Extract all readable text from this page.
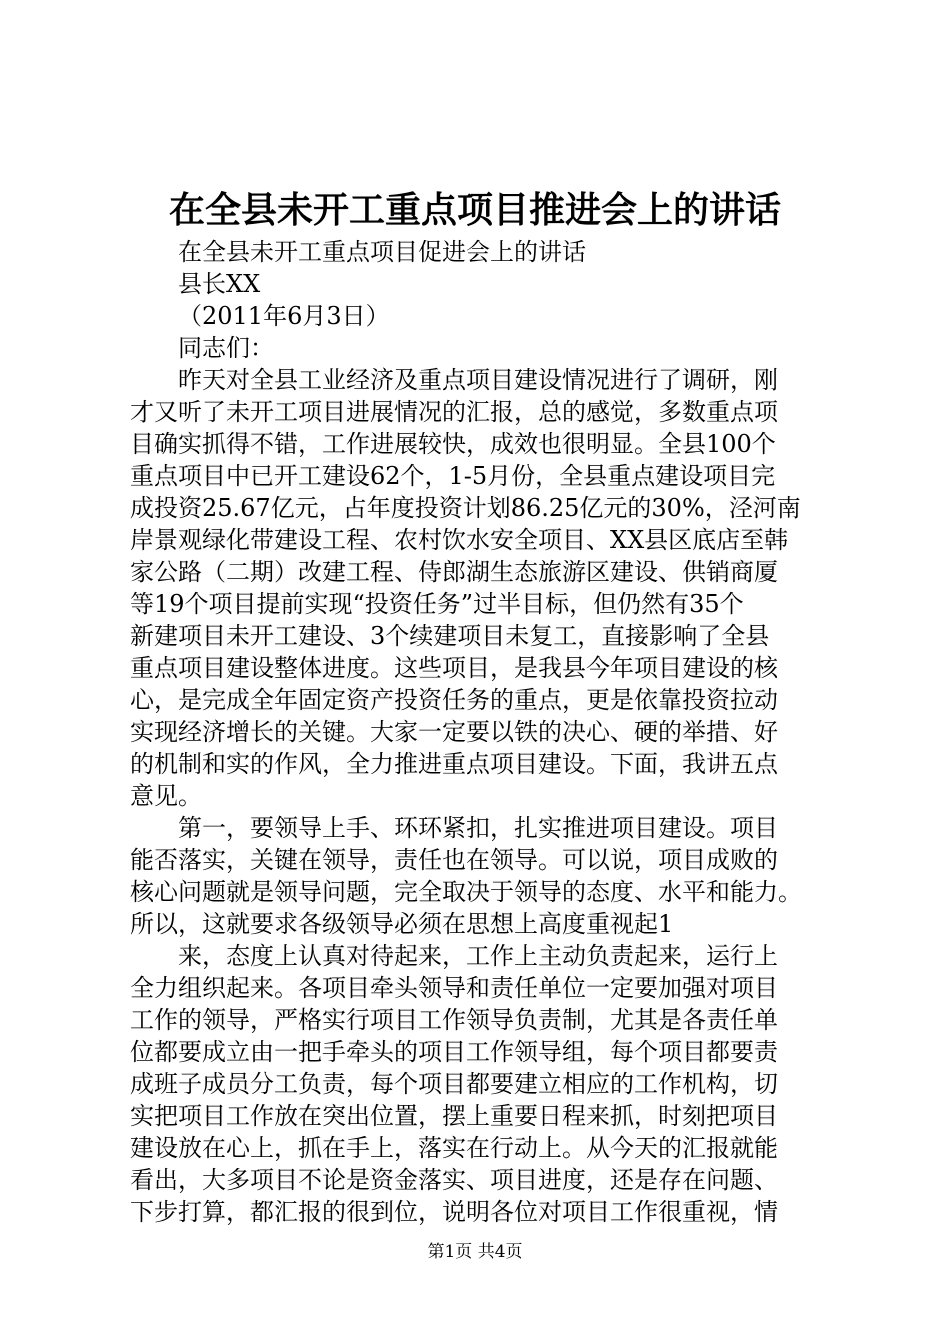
在全县未开工重点项目推进会上的讲话
在全县未开工重点项目促进会上的讲话
县长XX
（2011年6月3日）
同志们：
昨天对全县工业经济及重点项目建设情况进行了调研，刚
才又听了未开工项目进展情况的汇报，总的感觉，多数重点项
目确实抓得不错，工作进展较快，成效也很明显。全县100个
重点项目中已开工建设62个，1-5月份，全县重点建设项目完
成投资25.67亿元，占年度投资计划86.25亿元的30%，泾河南
岸景观绿化带建设工程、农村饮水安全项目、XX县区底店至韩
家公路（二期）改建工程、侍郎湖生态旅游区建设、供销商厦
等19个项目提前实现“投资任务”过半目标，但仍然有35个
新建项目未开工建设、3个续建项目未复工，直接影响了全县
重点项目建设整体进度。这些项目，是我县今年项目建设的核
心，是完成全年固定资产投资任务的重点，更是依靠投资拉动
实现经济增长的关键。大家一定要以铁的决心、硬的举措、好
的机制和实的作风，全力推进重点项目建设。下面，我讲五点
意见。
第一，要领导上手、环环紧扣，扎实推进项目建设。项目
能否落实，关键在领导，责任也在领导。可以说，项目成败的
核心问题就是领导问题，完全取决于领导的态度、水平和能力。
所以，这就要求各级领导必须在思想上高度重视起1
来，态度上认真对待起来，工作上主动负责起来，运行上
全力组织起来。各项目牵头领导和责任单位一定要加强对项目
工作的领导，严格实行项目工作领导负责制，尤其是各责任单
位都要成立由一把手牵头的项目工作领导组，每个项目都要责
成班子成员分工负责，每个项目都要建立相应的工作机构，切
实把项目工作放在突出位置，摆上重要日程来抓，时刻把项目
建设放在心上，抓在手上，落实在行动上。从今天的汇报就能
看出，大多项目不论是资金落实、项目进度，还是存在问题、
下步打算，都汇报的很到位，说明各位对项目工作很重视，情
第1页 共4页
